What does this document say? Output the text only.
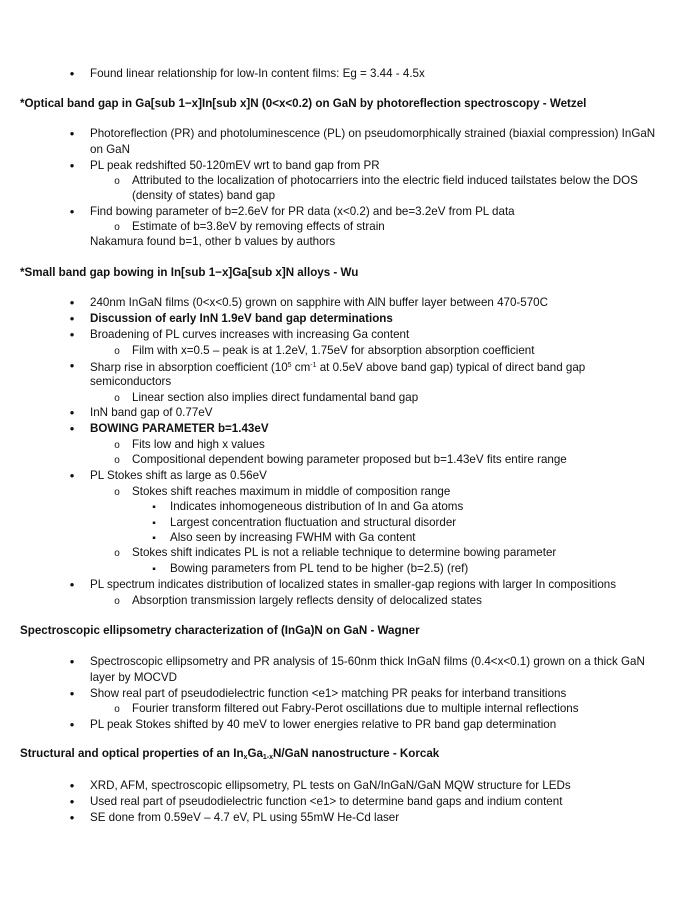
•
Found linear relationship for low-In content films: Eg = 3.44 - 4.5x
*Optical band gap in Ga[sub 1−x]In[sub x]N (0<x<0.2) on GaN by photoreflection spectroscopy - Wetzel
•
Photoreflection (PR) and photoluminescence (PL) on pseudomorphically strained (biaxial compression) InGaN
on GaN
•
PL peak redshifted 50-120mEV wrt to band gap from PR
o
Attributed to the localization of photocarriers into the electric field induced tailstates below the DOS
(density of states) band gap
•
Find bowing parameter of b=2.6eV for PR data (x<0.2) and be=3.2eV from PL data
o
Estimate of b=3.8eV by removing effects of strain
Nakamura found b=1, other b values by authors
*Small band gap bowing in In[sub 1−x]Ga[sub x]N alloys - Wu
•
240nm InGaN films (0<x<0.5) grown on sapphire with AlN buffer layer between 470-570C
•
Discussion of early InN 1.9eV band gap determinations
•
Broadening of PL curves increases with increasing Ga content
o
Film with x=0.5 – peak is at 1.2eV, 1.75eV for absorption absorption coefficient
•
Sharp rise in absorption coefficient ($10^5$ $cm^{-1}$ at 0.5eV above band gap) typical of direct band gap
semiconductors
o
Linear section also implies direct fundamental band gap
•
InN band gap of 0.77eV
•
BOWING PARAMETER b=1.43eV
o
Fits low and high x values
o
Compositional dependent bowing parameter proposed but b=1.43eV fits entire range
•
PL Stokes shift as large as 0.56eV
o
Stokes shift reaches maximum in middle of composition range
▪
Indicates inhomogeneous distribution of In and Ga atoms
▪
Largest concentration fluctuation and structural disorder
▪
Also seen by increasing FWHM with Ga content
o
Stokes shift indicates PL is not a reliable technique to determine bowing parameter
▪
Bowing parameters from PL tend to be higher (b=2.5) (ref)
•
PL spectrum indicates distribution of localized states in smaller-gap regions with larger In compositions
o
Absorption transmission largely reflects density of delocalized states
Spectroscopic ellipsometry characterization of (InGa)N on GaN - Wagner
•
Spectroscopic ellipsometry and PR analysis of 15-60nm thick InGaN films (0.4<x<0.1) grown on a thick GaN
layer by MOCVD
•
Show real part of pseudodielectric function <e1> matching PR peaks for interband transitions
o
Fourier transform filtered out Fabry-Perot oscillations due to multiple internal reflections
•
PL peak Stokes shifted by 40 meV to lower energies relative to PR band gap determination
Structural and optical properties of an $In_xGa_{1-x}N$/GaN nanostructure - Korcak
•
XRD, AFM, spectroscopic ellipsometry, PL tests on GaN/InGaN/GaN MQW structure for LEDs
•
Used real part of pseudodielectric function <e1> to determine band gaps and indium content
•
SE done from 0.59eV – 4.7 eV, PL using 55mW He-Cd laser
